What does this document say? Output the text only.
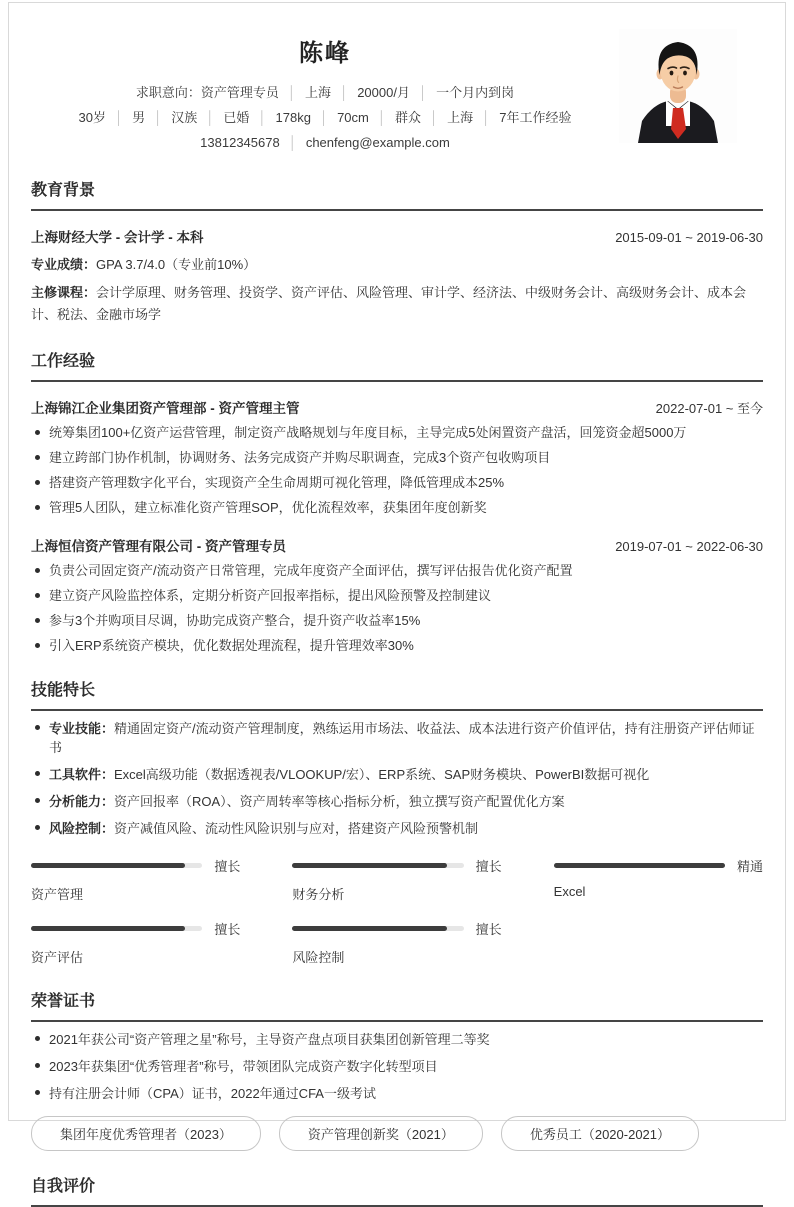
陈峰
求职意向：资产管理专员 │ 上海 │ 20000/月 │ 一个月内到岗
30岁 │ 男 │ 汉族 │ 已婚 │ 178kg │ 70cm │ 群众 │ 上海 │ 7年工作经验
13812345678 │ chenfeng@example.com
教育背景
上海财经大学 - 会计学 - 本科	2015-09-01 ~ 2019-06-30
专业成绩：GPA 3.7/4.0（专业前10%）
主修课程：会计学原理、财务管理、投资学、资产评估、风险管理、审计学、经济法、中级财务会计、高级财务会计、成本会计、税法、金融市场学
工作经验
上海锦江企业集团资产管理部 - 资产管理主管	2022-07-01 ~ 至今
统筹集团100+亿资产运营管理，制定资产战略规划与年度目标，主导完成5处闲置资产盘活，回笼资金超5000万
建立跨部门协作机制，协调财务、法务完成资产并购尽职调查，完成3个资产包收购项目
搭建资产管理数字化平台，实现资产全生命周期可视化管理，降低管理成本25%
管理5人团队，建立标准化资产管理SOP，优化流程效率，获集团年度创新奖
上海恒信资产管理有限公司 - 资产管理专员	2019-07-01 ~ 2022-06-30
负责公司固定资产/流动资产日常管理，完成年度资产全面评估，撰写评估报告优化资产配置
建立资产风险监控体系，定期分析资产回报率指标，提出风险预警及控制建议
参与3个并购项目尽调，协助完成资产整合，提升资产收益率15%
引入ERP系统资产模块，优化数据处理流程，提升管理效率30%
技能特长
专业技能：精通固定资产/流动资产管理制度，熟练运用市场法、收益法、成本法进行资产价值评估，持有注册资产评估师证书
工具软件：Excel高级功能（数据透视表/VLOOKUP/宏）、ERP系统、SAP财务模块、PowerBI数据可视化
分析能力：资产回报率（ROA）、资产周转率等核心指标分析，独立撰写资产配置优化方案
风险控制：资产减值风险、流动性风险识别与应对，搭建资产风险预警机制
擅长
资产管理
擅长
财务分析
精通
Excel
擅长
资产评估
擅长
风险控制
荣誉证书
2021年获公司“资产管理之星”称号，主导资产盘点项目获集团创新管理二等奖
2023年获集团“优秀管理者”称号，带领团队完成资产数字化转型项目
持有注册会计师（CPA）证书，2022年通过CFA一级考试
集团年度优秀管理者（2023）	资产管理创新奖（2021）	优秀员工（2020-2021）
自我评价
